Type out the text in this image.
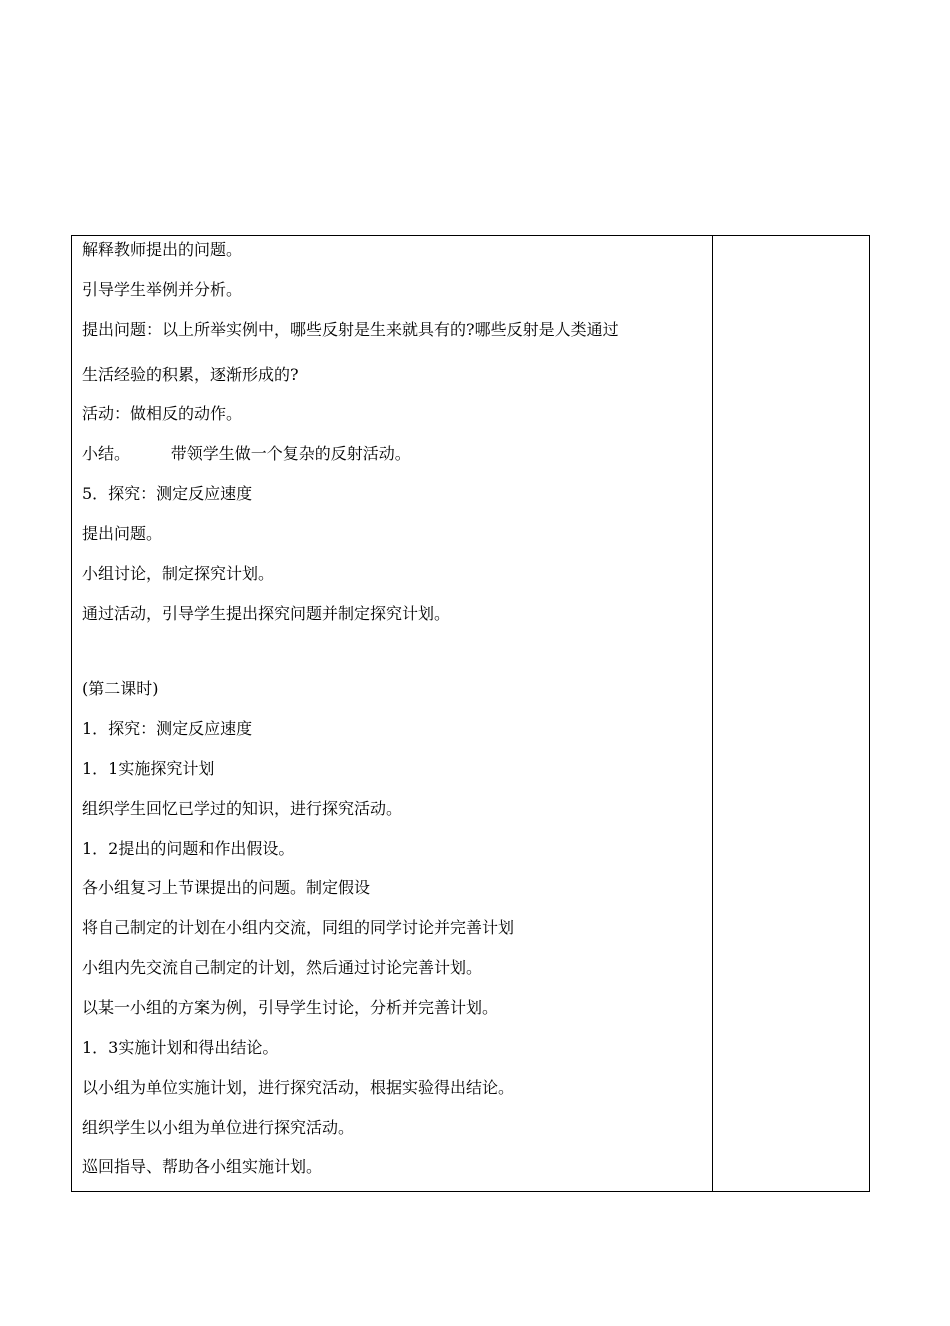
解释教师提出的问题。
引导学生举例并分析。
提出问题：以上所举实例中，哪些反射是生来就具有的?哪些反射是人类通过
生活经验的积累，逐渐形成的?
活动：做相反的动作。
小结。        带领学生做一个复杂的反射活动。
5．探究：测定反应速度
提出问题。
小组讨论，制定探究计划。
通过活动，引导学生提出探究问题并制定探究计划。
(第二课时)
1．探究：测定反应速度
1．1实施探究计划
组织学生回忆已学过的知识，进行探究活动。
1．2提出的问题和作出假设。
各小组复习上节课提出的问题。制定假设
将自己制定的计划在小组内交流，同组的同学讨论并完善计划
小组内先交流自己制定的计划，然后通过讨论完善计划。
以某一小组的方案为例，引导学生讨论，分析并完善计划。
1．3实施计划和得出结论。
以小组为单位实施计划，进行探究活动，根据实验得出结论。
组织学生以小组为单位进行探究活动。
巡回指导、帮助各小组实施计划。
